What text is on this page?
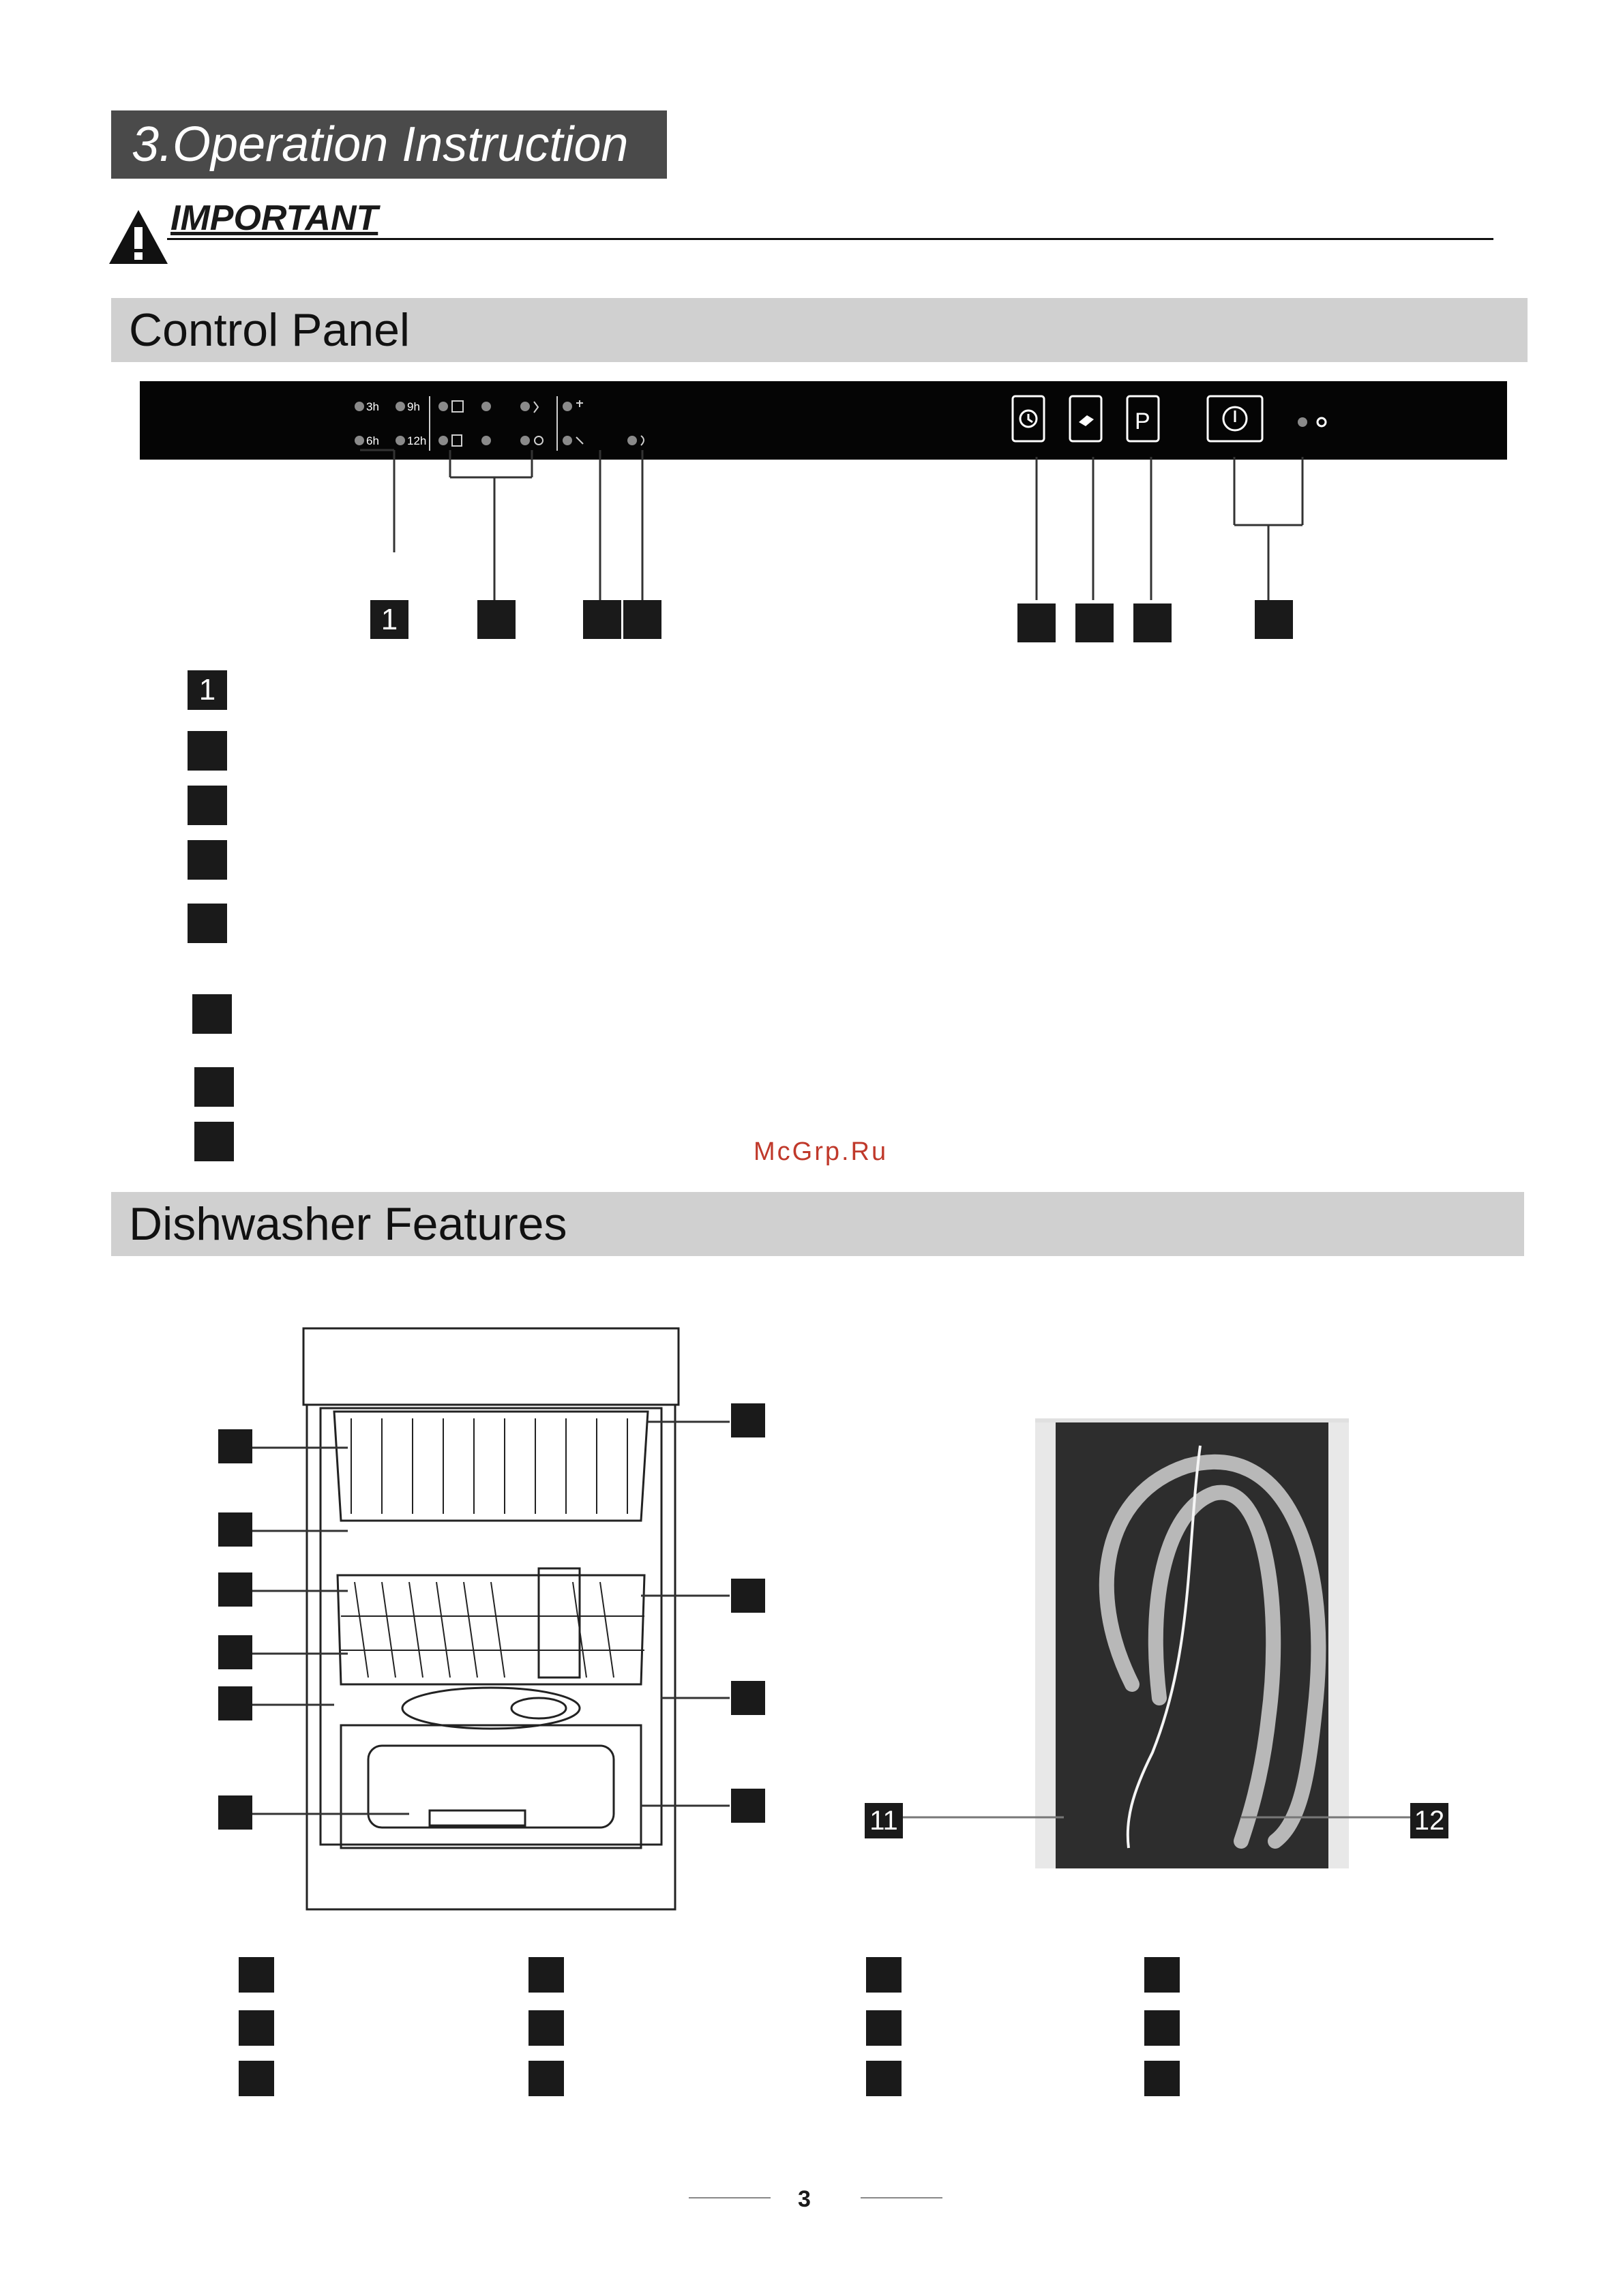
3.Operation Instruction
IMPORTANT
Control Panel
3h 9h
6h 12h
P
1
1
McGrp.Ru
Dishwasher Features
11	12
3
